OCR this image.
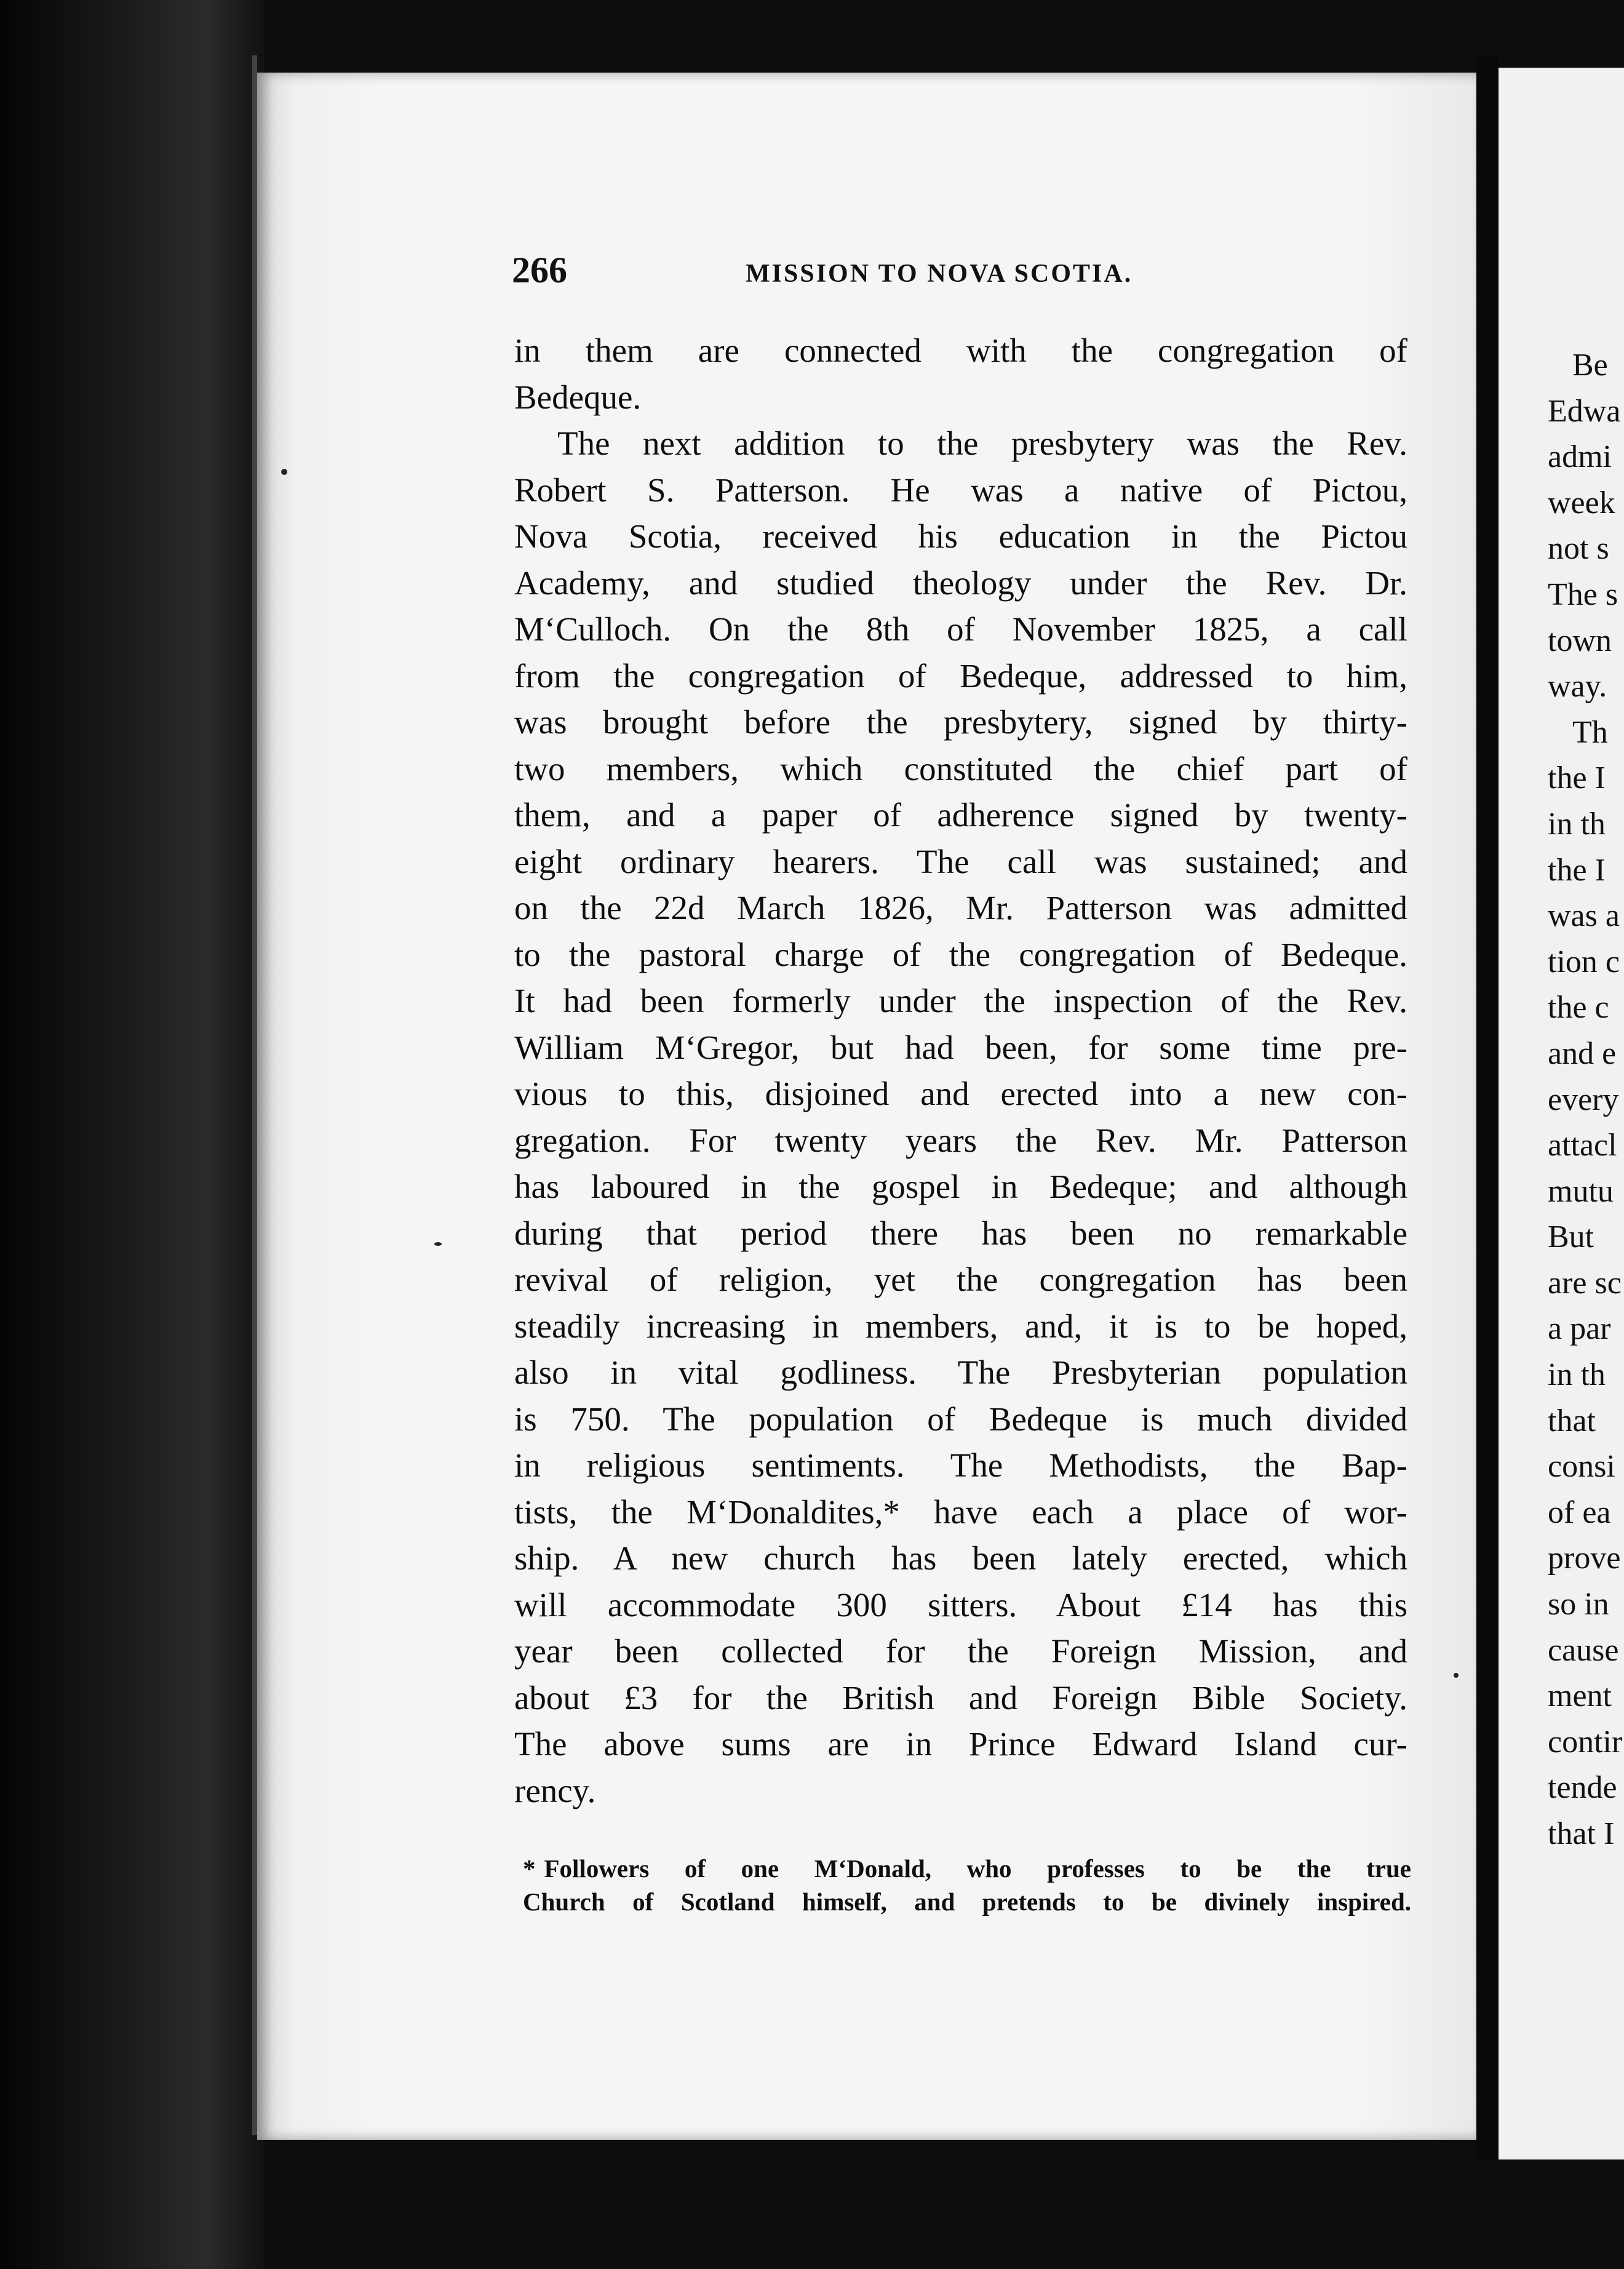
Be
Edwa
admi
week
not s
The s
town
way.
Th
the I
in th
the I
was a
tion c
the c
and e
every
attacl
mutu
But
are sc
a par
in th
that
consi
of ea
prove
so in
cause
ment
contir
tende
that I
266	MISSION TO NOVA SCOTIA.
in them are connected with the congregation of
Bedeque.
The next addition to the presbytery was the Rev.
Robert S. Patterson. He was a native of Pictou,
Nova Scotia, received his education in the Pictou
Academy, and studied theology under the Rev. Dr.
M‘Culloch. On the 8th of November 1825, a call
from the congregation of Bedeque, addressed to him,
was brought before the presbytery, signed by thirty-
two members, which constituted the chief part of
them, and a paper of adherence signed by twenty-
eight ordinary hearers. The call was sustained; and
on the 22d March 1826, Mr. Patterson was admitted
to the pastoral charge of the congregation of Bedeque.
It had been formerly under the inspection of the Rev.
William M‘Gregor, but had been, for some time pre-
vious to this, disjoined and erected into a new con-
gregation. For twenty years the Rev. Mr. Patterson
has laboured in the gospel in Bedeque; and although
during that period there has been no remarkable
revival of religion, yet the congregation has been
steadily increasing in members, and, it is to be hoped,
also in vital godliness. The Presbyterian population
is 750. The population of Bedeque is much divided
in religious sentiments. The Methodists, the Bap-
tists, the M‘Donaldites,* have each a place of wor-
ship. A new church has been lately erected, which
will accommodate 300 sitters. About £14 has this
year been collected for the Foreign Mission, and
about £3 for the British and Foreign Bible Society.
The above sums are in Prince Edward Island cur-
rency.
* Followers of one M‘Donald, who professes to be the true
Church of Scotland himself, and pretends to be divinely inspired.
